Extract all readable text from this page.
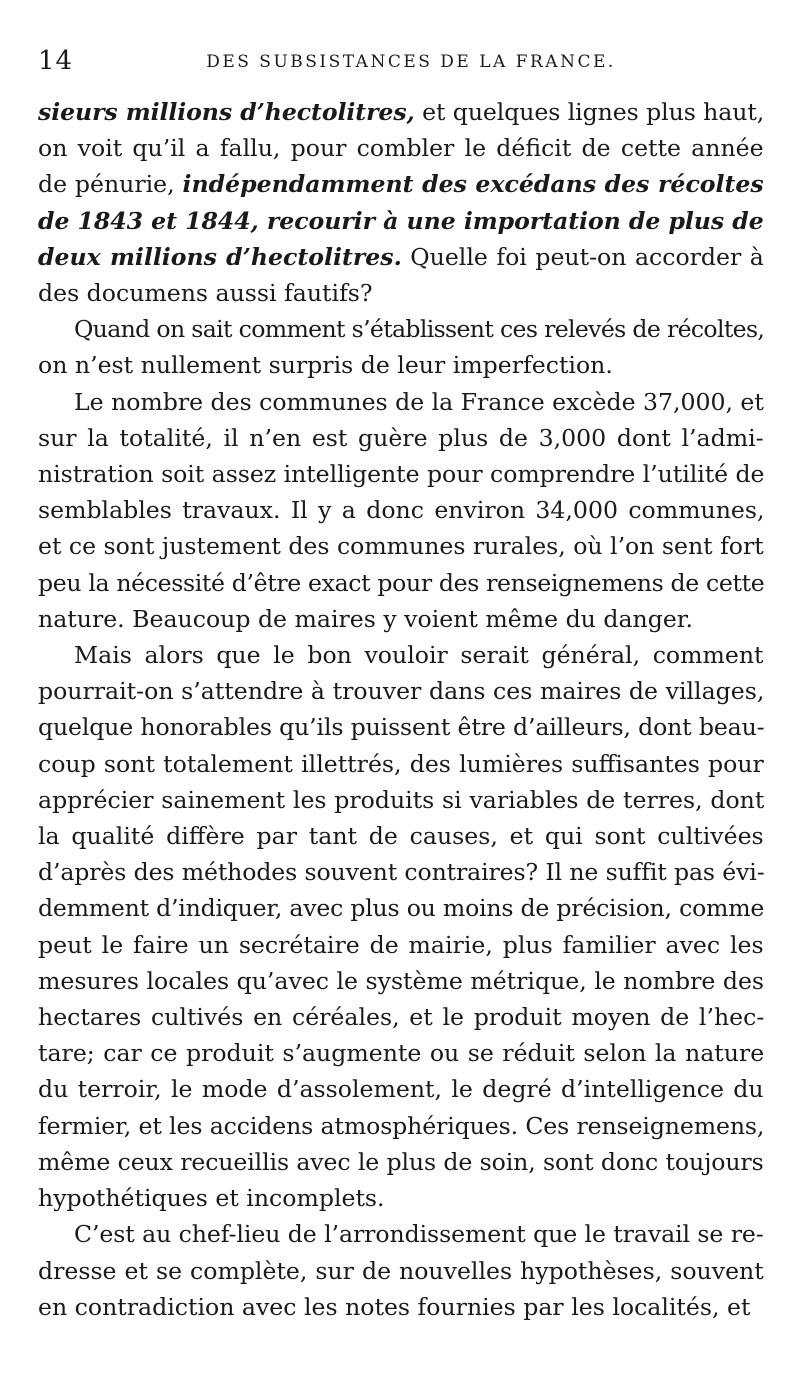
14	DES SUBSISTANCES DE LA FRANCE.

sieurs millions d’hectolitres, et quelques lignes plus haut,
on voit qu’il a fallu, pour combler le déficit de cette année
de pénurie, indépendamment des excédans des récoltes
de 1843 et 1844, recourir à une importation de plus de
deux millions d’hectolitres. Quelle foi peut-on accorder à
des documens aussi fautifs?

Quand on sait comment s’établissent ces relevés de récoltes,
on n’est nullement surpris de leur imperfection.

Le nombre des communes de la France excède 37,000, et
sur la totalité, il n’en est guère plus de 3,000 dont l’admi-
nistration soit assez intelligente pour comprendre l’utilité de
semblables travaux. Il y a donc environ 34,000 communes,
et ce sont justement des communes rurales, où l’on sent fort
peu la nécessité d’être exact pour des renseignemens de cette
nature. Beaucoup de maires y voient même du danger.

Mais alors que le bon vouloir serait général, comment
pourrait-on s’attendre à trouver dans ces maires de villages,
quelque honorables qu’ils puissent être d’ailleurs, dont beau-
coup sont totalement illettrés, des lumières suffisantes pour
apprécier sainement les produits si variables de terres, dont
la qualité diffère par tant de causes, et qui sont cultivées
d’après des méthodes souvent contraires? Il ne suffit pas évi-
demment d’indiquer, avec plus ou moins de précision, comme
peut le faire un secrétaire de mairie, plus familier avec les
mesures locales qu’avec le système métrique, le nombre des
hectares cultivés en céréales, et le produit moyen de l’hec-
tare; car ce produit s’augmente ou se réduit selon la nature
du terroir, le mode d’assolement, le degré d’intelligence du
fermier, et les accidens atmosphériques. Ces renseignemens,
même ceux recueillis avec le plus de soin, sont donc toujours
hypothétiques et incomplets.

C’est au chef-lieu de l’arrondissement que le travail se re-
dresse et se complète, sur de nouvelles hypothèses, souvent
en contradiction avec les notes fournies par les localités, et
